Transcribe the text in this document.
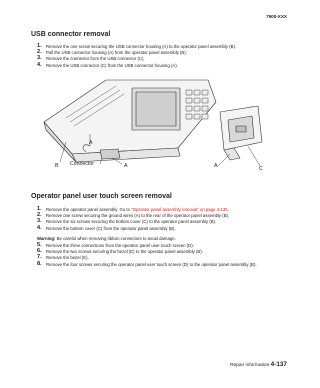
7500-XXX
USB connector removal
1.	Remove the one screw securing the USB connector housing (A) to the operator panel assembly (B).
2.	Pull the USB connector housing (A) from the operator panel assembly (B).
3.	Remove the connector from the USB connector (C).
4.	Remove the USB connector (C) from the USB connector housing (A).
A
B Connector	A	A	C
Operator panel user touch screen removal
1.	Remove the operator panel assembly. Go to "Operator panel assembly removal" on page 4-136.
2.	Remove one screw securing the ground wires (A) to the rear of the operator panel assembly (B).
3.	Remove the six screws securing the bottom cover (C) to the operator panel assembly (B).
4.	Remove the bottom cover (C) from the operator panel assembly (B).
Warning: Be careful when removing ribbon connectors to avoid damage.
5.	Remove the three connections from the operator panel user touch screen (D).
6.	Remove the two screws securing the bezel (E) to the operator panel assembly (B).
7.	Remove the bezel (E).
8.	Remove the four screws securing the operator panel user touch screen (D) to the operator panel assembly (B).
Repair information 4-137
